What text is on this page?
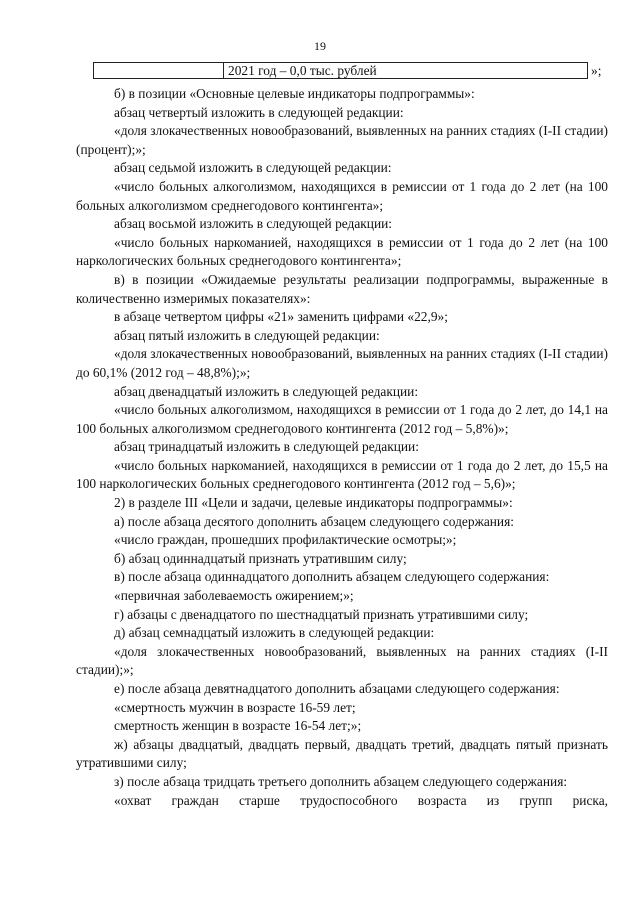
19
2021 год – 0,0 тыс. рублей	»;

б) в позиции «Основные целевые индикаторы подпрограммы»:

абзац четвертый изложить в следующей редакции:

«доля злокачественных новообразований, выявленных на ранних стадиях (I-II стадии) (процент);»;

абзац седьмой изложить в следующей редакции:

«число больных алкоголизмом, находящихся в ремиссии от 1 года до 2 лет (на 100 больных алкоголизмом среднегодового контингента»;

абзац восьмой изложить в следующей редакции:

«число больных наркоманией, находящихся в ремиссии от 1 года до 2 лет (на 100 наркологических больных среднегодового контингента»;

в) в позиции «Ожидаемые результаты реализации подпрограммы, выраженные в количественно измеримых показателях»:

в абзаце четвертом цифры «21» заменить цифрами «22,9»;

абзац пятый изложить в следующей редакции:

«доля злокачественных новообразований, выявленных на ранних стадиях (I-II стадии) до 60,1% (2012 год – 48,8%);»;

абзац двенадцатый изложить в следующей редакции:

«число больных алкоголизмом, находящихся в ремиссии от 1 года до 2 лет, до 14,1 на 100 больных алкоголизмом среднегодового контингента (2012 год – 5,8%)»;

абзац тринадцатый изложить в следующей редакции:

«число больных наркоманией, находящихся в ремиссии от 1 года до 2 лет, до 15,5 на 100 наркологических больных среднегодового контингента (2012 год – 5,6)»;

2) в разделе III «Цели и задачи, целевые индикаторы подпрограммы»:

а) после абзаца десятого дополнить абзацем следующего содержания:

«число граждан, прошедших профилактические осмотры;»;

б) абзац одиннадцатый признать утратившим силу;

в) после абзаца одиннадцатого дополнить абзацем следующего содержания:

«первичная заболеваемость ожирением;»;

г) абзацы с двенадцатого по шестнадцатый признать утратившими силу;

д) абзац семнадцатый изложить в следующей редакции:

«доля злокачественных новообразований, выявленных на ранних стадиях (I-II стадии);»;

е) после абзаца девятнадцатого дополнить абзацами следующего содержания:

«смертность мужчин в возрасте 16-59 лет;

смертность женщин в возрасте 16-54 лет;»;

ж) абзацы двадцатый, двадцать первый, двадцать третий, двадцать пятый признать утратившими силу;

з) после абзаца тридцать третьего дополнить абзацем следующего содержания:

«охват граждан старше трудоспособного возраста из групп риска,
